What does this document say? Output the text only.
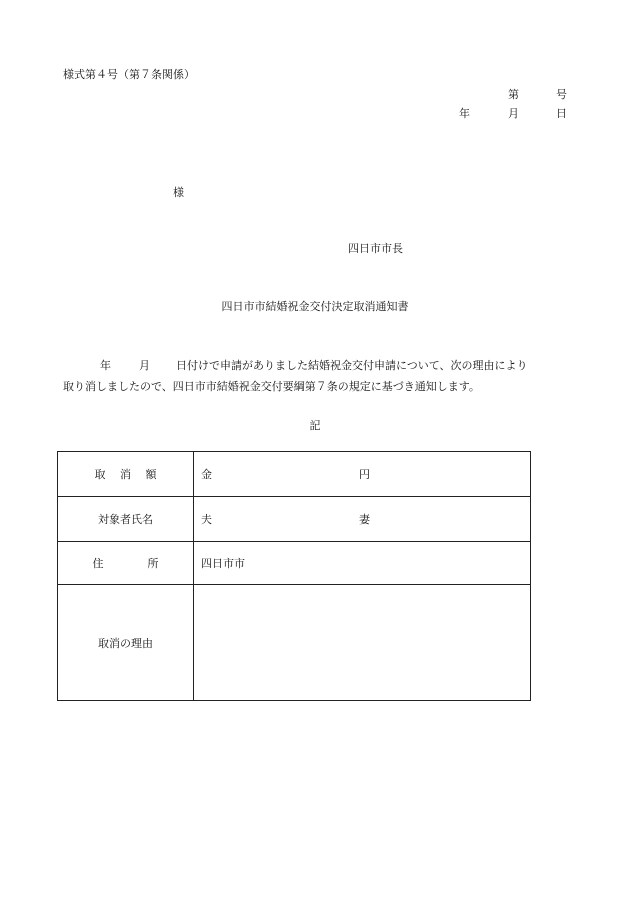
様式第４号（第７条関係）
第	号
年	月	日
様
四日市市長
四日市市結婚祝金交付決定取消通知書
年	月 日付けで申請がありました結婚祝金交付申請について、次の理由により
取り消しましたので、四日市市結婚祝金交付要綱第７条の規定に基づき通知します。
記
取 消 額	金 円

対象者氏名	夫 妻

住 所	四日市市
取消の理由	
